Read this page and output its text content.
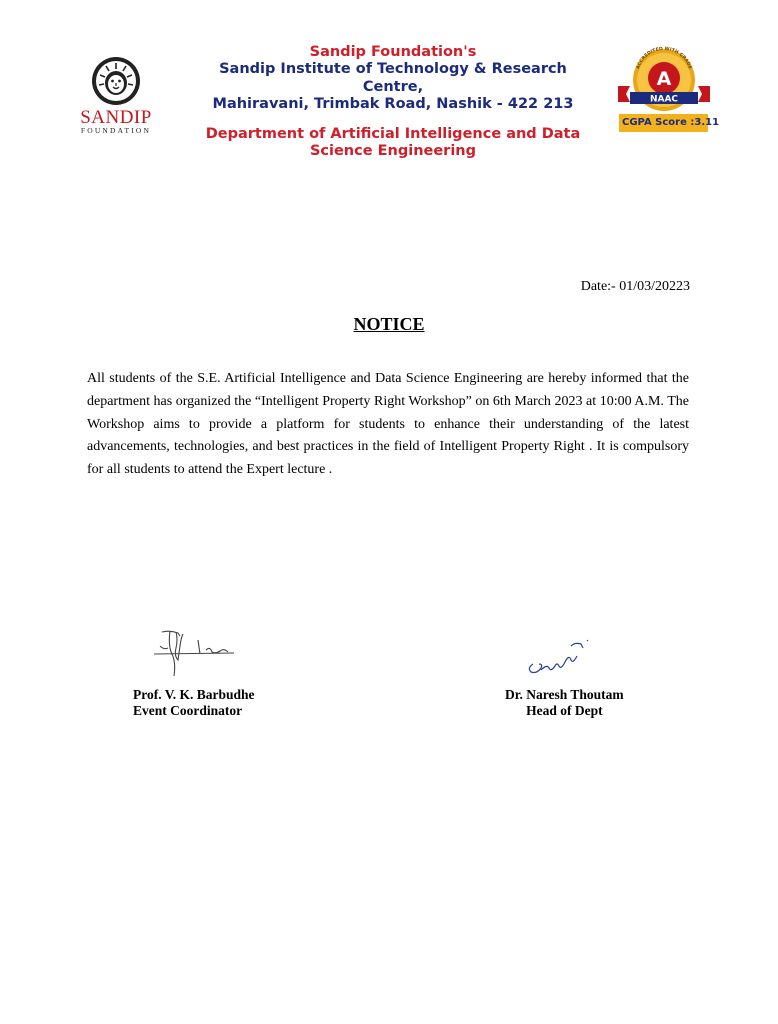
SANDIP
FOUNDATION
Sandip Foundation's
Sandip Institute of Technology & Research
Centre,
Mahiravani, Trimbak Road, Nashik - 422 213
Department of Artificial Intelligence and Data Science Engineering
A
NAAC
ACCREDITED WITH GRADE
CGPA Score :3.11
Date:- 01/03/20223
NOTICE
All students of the S.E. Artificial Intelligence and Data Science Engineering are hereby informed that the department has organized the “Intelligent Property Right Workshop” on 6th March 2023 at 10:00 A.M. The Workshop aims to provide a platform for students to enhance their understanding of the latest advancements, technologies, and best practices in the field of Intelligent Property Right . It is compulsory for all students to attend the Expert lecture .
Prof. V. K. Barbudhe
Event Coordinator
Dr. Naresh Thoutam
Head of Dept
